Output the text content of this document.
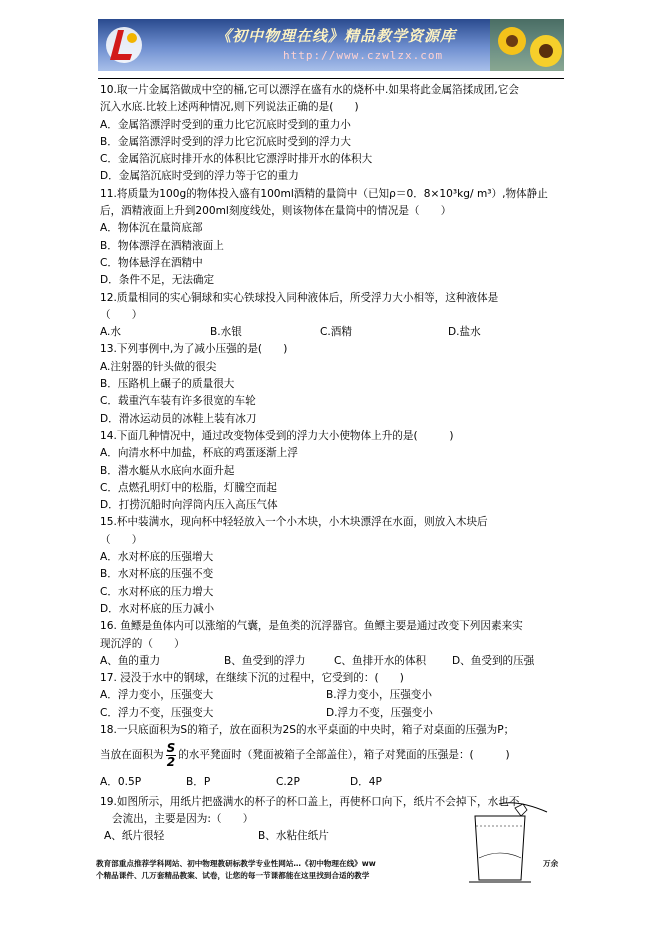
《初中物理在线》精品教学资源库
http://www.czwlzx.com
10.取一片金属箔做成中空的桶,它可以漂浮在盛有水的烧杯中.如果将此金属箔揉成团,它会
沉入水底.比较上述两种情况,则下列说法正确的是(　　)
A．金属箔漂浮时受到的重力比它沉底时受到的重力小
B．金属箔漂浮时受到的浮力比它沉底时受到的浮力大
C．金属箔沉底时排开水的体积比它漂浮时排开水的体积大
D．金属箔沉底时受到的浮力等于它的重力
11.将质量为100g的物体投入盛有100ml酒精的量筒中（已知ρ＝0．8×10³kg/ m³）,物体静止
后，酒精液面上升到200ml刻度线处，则该物体在量筒中的情况是（　　）
A．物体沉在量筒底部
B．物体漂浮在酒精液面上
C．物体悬浮在酒精中
D．条件不足，无法确定
12.质量相同的实心铜球和实心铁球投入同种液体后，所受浮力大小相等，这种液体是
（　　）
A.水	B.水银	C.酒精	D.盐水
13.下列事例中,为了减小压强的是(　　)
A.注射器的针头做的很尖
B．压路机上碾子的质量很大
C．载重汽车装有许多很宽的车轮
D．滑冰运动员的冰鞋上装有冰刀
14.下面几种情况中，通过改变物体受到的浮力大小使物体上升的是(　　　)
A．向清水杯中加盐，杯底的鸡蛋逐渐上浮
B．潜水艇从水底向水面升起
C．点燃孔明灯中的松脂，灯騰空而起
D．打捞沉船时向浮筒内压入高压气体
15.杯中装满水，现向杯中轻轻放入一个小木块，小木块漂浮在水面，则放入木块后
（　　）
A．水对杯底的压强增大
B．水对杯底的压强不变
C．水对杯底的压力增大
D．水对杯底的压力减小
16. 鱼鳔是鱼体内可以涨缩的气囊，是鱼类的沉浮器官。鱼鳔主要是通过改变下列因素来实
现沉浮的（　　）
A、鱼的重力	B、鱼受到的浮力	C、鱼排开水的体积	D、鱼受到的压强
17. 浸没于水中的钢球，在继续下沉的过程中，它受到的：(　　)
A．浮力变小，压强变大	B.浮力变小，压强变小
C．浮力不变，压强变大	D.浮力不变，压强变小
18.一只底面积为S的箱子，放在面积为2S的水平桌面的中央时，箱子对桌面的压强为P；
当放在面积为 $\frac{S}{2}$ 的水平凳面时（凳面被箱子全部盖住），箱子对凳面的压强是：(　　　)
A．0.5P	B．P	C.2P	D．4P
19.如图所示，用纸片把盛满水的杯子的杯口盖上，再使杯口向下，纸片不会掉下，水也不
会流出，主要是因为:（　　）
A、纸片很轻	B、水粘住纸片
教育部重点推荐学科网站、初中物理教研标教学专业性网站…《初中物理在线》ww
个精品课件、几万套精品教案、试卷，让您的每一节课都能在这里找到合适的教学
万余
